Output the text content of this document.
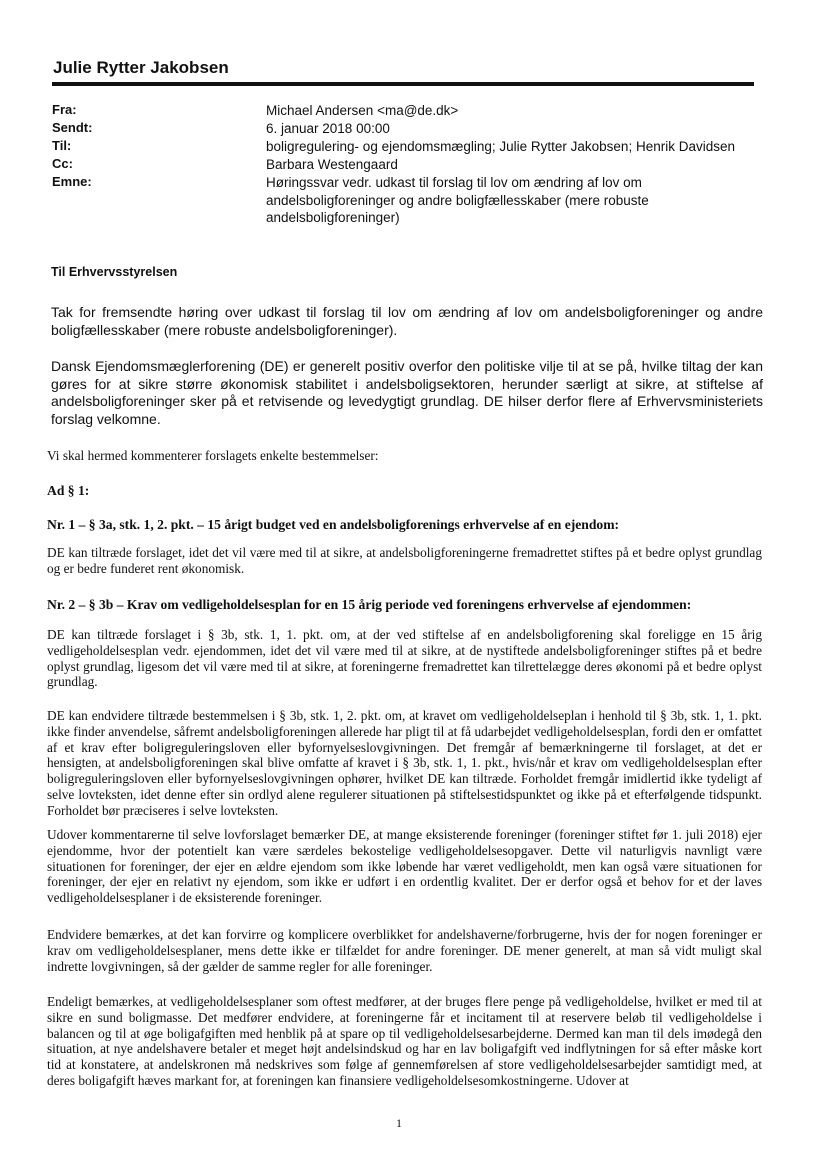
Julie Rytter Jakobsen
Fra:	Michael Andersen <ma@de.dk>
Sendt:	6. januar 2018 00:00
Til:	boligregulering- og ejendomsmægling; Julie Rytter Jakobsen; Henrik Davidsen
Cc:	Barbara Westengaard
Emne:	Høringssvar vedr. udkast til forslag til lov om ændring af lov om andelsboligforeninger og andre boligfællesskaber (mere robuste andelsboligforeninger)
Til Erhvervsstyrelsen
Tak for fremsendte høring over udkast til forslag til lov om ændring af lov om andelsboligforeninger og andre boligfællesskaber (mere robuste andelsboligforeninger).
Dansk Ejendomsmæglerforening (DE) er generelt positiv overfor den politiske vilje til at se på, hvilke tiltag der kan gøres for at sikre større økonomisk stabilitet i andelsboligsektoren, herunder særligt at sikre, at stiftelse af andelsboligforeninger sker på et retvisende og levedygtigt grundlag. DE hilser derfor flere af Erhvervsministeriets forslag velkomne.
Vi skal hermed kommenterer forslagets enkelte bestemmelser:
Ad § 1:
Nr. 1 – § 3a, stk. 1, 2. pkt. – 15 årigt budget ved en andelsboligforenings erhvervelse af en ejendom:
DE kan tiltræde forslaget, idet det vil være med til at sikre, at andelsboligforeningerne fremadrettet stiftes på et bedre oplyst grundlag og er bedre funderet rent økonomisk.
Nr. 2 – § 3b – Krav om vedligeholdelsesplan for en 15 årig periode ved foreningens erhvervelse af ejendommen:
DE kan tiltræde forslaget i § 3b, stk. 1, 1. pkt. om, at der ved stiftelse af en andelsboligforening skal foreligge en 15 årig vedligeholdelsesplan vedr. ejendommen, idet det vil være med til at sikre, at de nystiftede andelsboligforeninger stiftes på et bedre oplyst grundlag, ligesom det vil være med til at sikre, at foreningerne fremadrettet kan tilrettelægge deres økonomi på et bedre oplyst grundlag.
DE kan endvidere tiltræde bestemmelsen i § 3b, stk. 1, 2. pkt. om, at kravet om vedligeholdelseplan i henhold til § 3b, stk. 1, 1. pkt. ikke finder anvendelse, såfremt andelsboligforeningen allerede har pligt til at få udarbejdet vedligeholdelsesplan, fordi den er omfattet af et krav efter boligreguleringsloven eller byfornyelseslovgivningen. Det fremgår af bemærkningerne til forslaget, at det er hensigten, at andelsboligforeningen skal blive omfatte af kravet i § 3b, stk. 1, 1. pkt., hvis/når et krav om vedligeholdelsesplan efter boligreguleringsloven eller byfornyelseslovgivningen ophører, hvilket DE kan tiltræde. Forholdet fremgår imidlertid ikke tydeligt af selve lovteksten, idet denne efter sin ordlyd alene regulerer situationen på stiftelsestidspunktet og ikke på et efterfølgende tidspunkt. Forholdet bør præciseres i selve lovteksten.
Udover kommentarerne til selve lovforslaget bemærker DE, at mange eksisterende foreninger (foreninger stiftet før 1. juli 2018) ejer ejendomme, hvor der potentielt kan være særdeles bekostelige vedligeholdelsesopgaver. Dette vil naturligvis navnligt være situationen for foreninger, der ejer en ældre ejendom som ikke løbende har været vedligeholdt, men kan også være situationen for foreninger, der ejer en relativt ny ejendom, som ikke er udført i en ordentlig kvalitet. Der er derfor også et behov for et der laves vedligeholdelsesplaner i de eksisterende foreninger.
Endvidere bemærkes, at det kan forvirre og komplicere overblikket for andelshaverne/forbrugerne, hvis der for nogen foreninger er krav om vedligeholdelsesplaner, mens dette ikke er tilfældet for andre foreninger. DE mener generelt, at man så vidt muligt skal indrette lovgivningen, så der gælder de samme regler for alle foreninger.
Endeligt bemærkes, at vedligeholdelsesplaner som oftest medfører, at der bruges flere penge på vedligeholdelse, hvilket er med til at sikre en sund boligmasse. Det medfører endvidere, at foreningerne får et incitament til at reservere beløb til vedligeholdelse i balancen og til at øge boligafgiften med henblik på at spare op til vedligeholdelsesarbejderne. Dermed kan man til dels imødegå den situation, at nye andelshavere betaler et meget højt andelsindskud og har en lav boligafgift ved indflytningen for så efter måske kort tid at konstatere, at andelskronen må nedskrives som følge af gennemførelsen af store vedligeholdelsesarbejder samtidigt med, at deres boligafgift hæves markant for, at foreningen kan finansiere vedligeholdelsesomkostningerne. Udover at
1
